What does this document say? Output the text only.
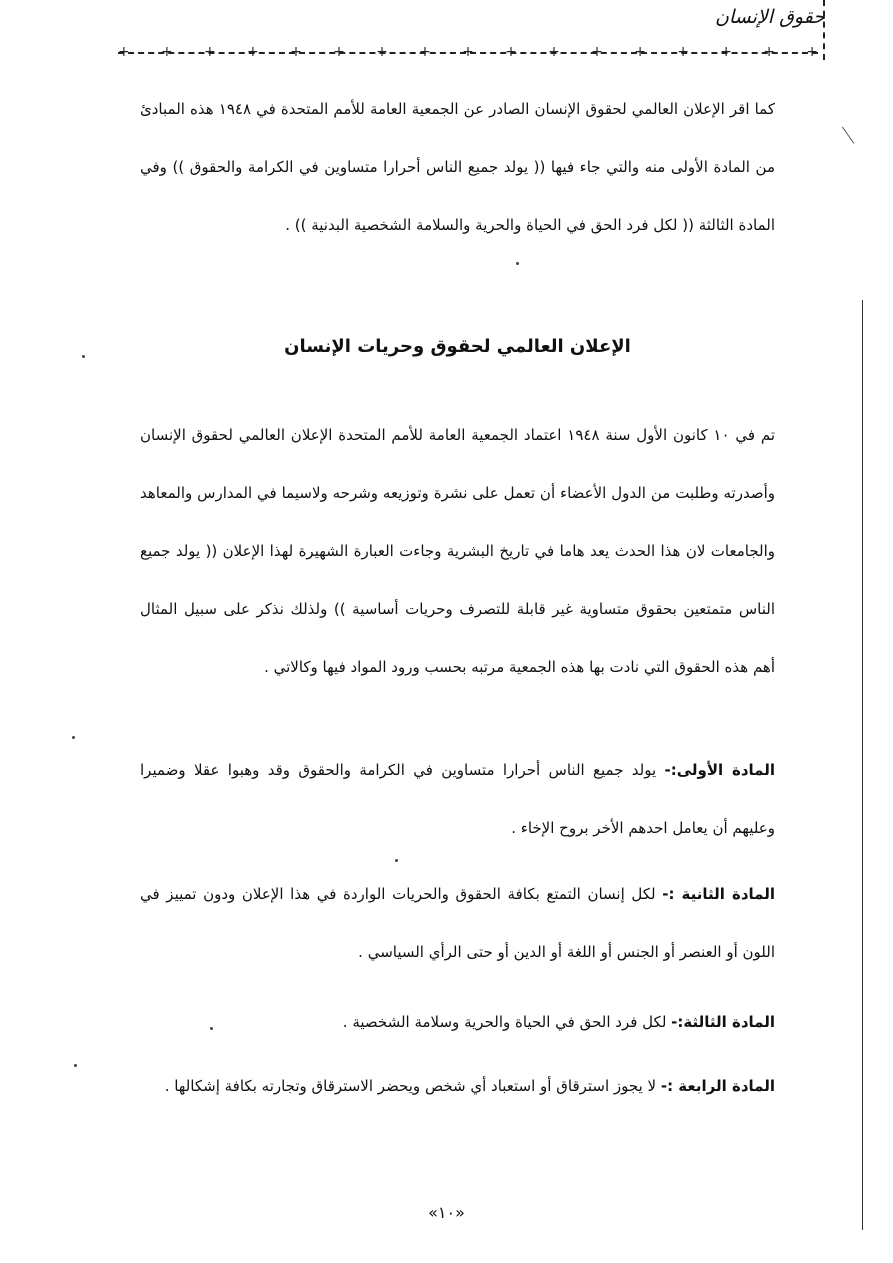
حقوق الإنسان
+ + + + + + + + + + + + + + + + +

كما اقر الإعلان العالمي لحقوق الإنسان الصادر عن الجمعية العامة للأمم المتحدة في ١٩٤٨ هذه المبادئ من المادة الأولى منه والتي جاء فيها (( يولد جميع الناس أحرارا متساوين في الكرامة والحقوق )) وفي المادة الثالثة (( لكل فرد الحق في الحياة والحرية والسلامة الشخصية البدنية )) .

الإعلان العالمي لحقوق وحريات الإنسان

تم في ١٠ كانون الأول سنة ١٩٤٨ اعتماد الجمعية العامة للأمم المتحدة الإعلان العالمي لحقوق الإنسان وأصدرته وطلبت من الدول الأعضاء أن تعمل على نشرة وتوزيعه وشرحه ولاسيما في المدارس والمعاهد والجامعات لان هذا الحدث يعد هاما في تاريخ البشرية وجاءت العبارة الشهيرة لهذا الإعلان (( يولد جميع الناس متمتعين بحقوق متساوية غير قابلة للتصرف وحريات أساسية )) ولذلك نذكر على سبيل المثال أهم هذه الحقوق التي نادت بها هذه الجمعية مرتبه بحسب ورود المواد فيها وكالاتي .

المادة الأولى:- يولد جميع الناس أحرارا متساوين في الكرامة والحقوق وقد وهبوا عقلا وضميرا وعليهم أن يعامل احدهم الأخر بروح الإخاء .

المادة الثانية :- لكل إنسان التمتع بكافة الحقوق والحريات الواردة في هذا الإعلان ودون تمييز في اللون أو العنصر أو الجنس أو اللغة أو الدين أو حتى الرأي السياسي .

المادة الثالثة:- لكل فرد الحق في الحياة والحرية وسلامة الشخصية .

المادة الرابعة :- لا يجوز استرقاق أو استعباد أي شخص ويحضر الاسترقاق وتجارته بكافة إشكالها .

«١٠»
